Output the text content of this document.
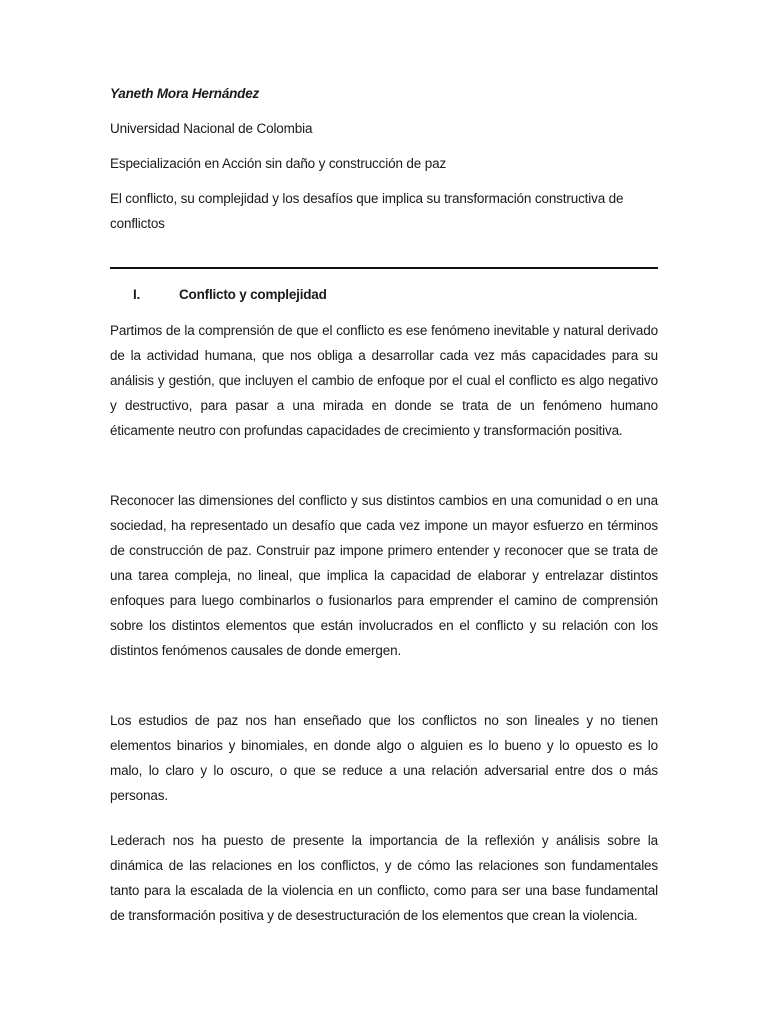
Yaneth Mora Hernández
Universidad Nacional de Colombia
Especialización en Acción sin daño y construcción de paz
El conflicto, su complejidad y los desafíos que implica su transformación constructiva de conflictos
I.	Conflicto y complejidad

Partimos de la comprensión de que el conflicto es ese fenómeno inevitable y natural derivado de la actividad humana, que nos obliga a desarrollar cada vez más capacidades para su análisis y gestión, que incluyen el cambio de enfoque por el cual el conflicto es algo negativo y destructivo, para pasar a una mirada en donde se trata de un fenómeno humano éticamente neutro con profundas capacidades de crecimiento y transformación positiva.

Reconocer las dimensiones del conflicto y sus distintos cambios en una comunidad o en una sociedad, ha representado un desafío que cada vez impone un mayor esfuerzo en términos de construcción de paz. Construir paz impone primero entender y reconocer que se trata de una tarea compleja, no lineal, que implica la capacidad de elaborar y entrelazar distintos enfoques para luego combinarlos o fusionarlos para emprender el camino de comprensión sobre los distintos elementos que están involucrados en el conflicto y su relación con los distintos fenómenos causales de donde emergen.

Los estudios de paz nos han enseñado que los conflictos no son lineales y no tienen elementos binarios y binomiales, en donde algo o alguien es lo bueno y lo opuesto es lo malo, lo claro y lo oscuro, o que se reduce a una relación adversarial entre dos o más personas.

Lederach nos ha puesto de presente la importancia de la reflexión y análisis sobre la dinámica de las relaciones en los conflictos, y de cómo las relaciones son fundamentales tanto para la escalada de la violencia en un conflicto, como para ser una base fundamental de transformación positiva y de desestructuración de los elementos que crean la violencia.
